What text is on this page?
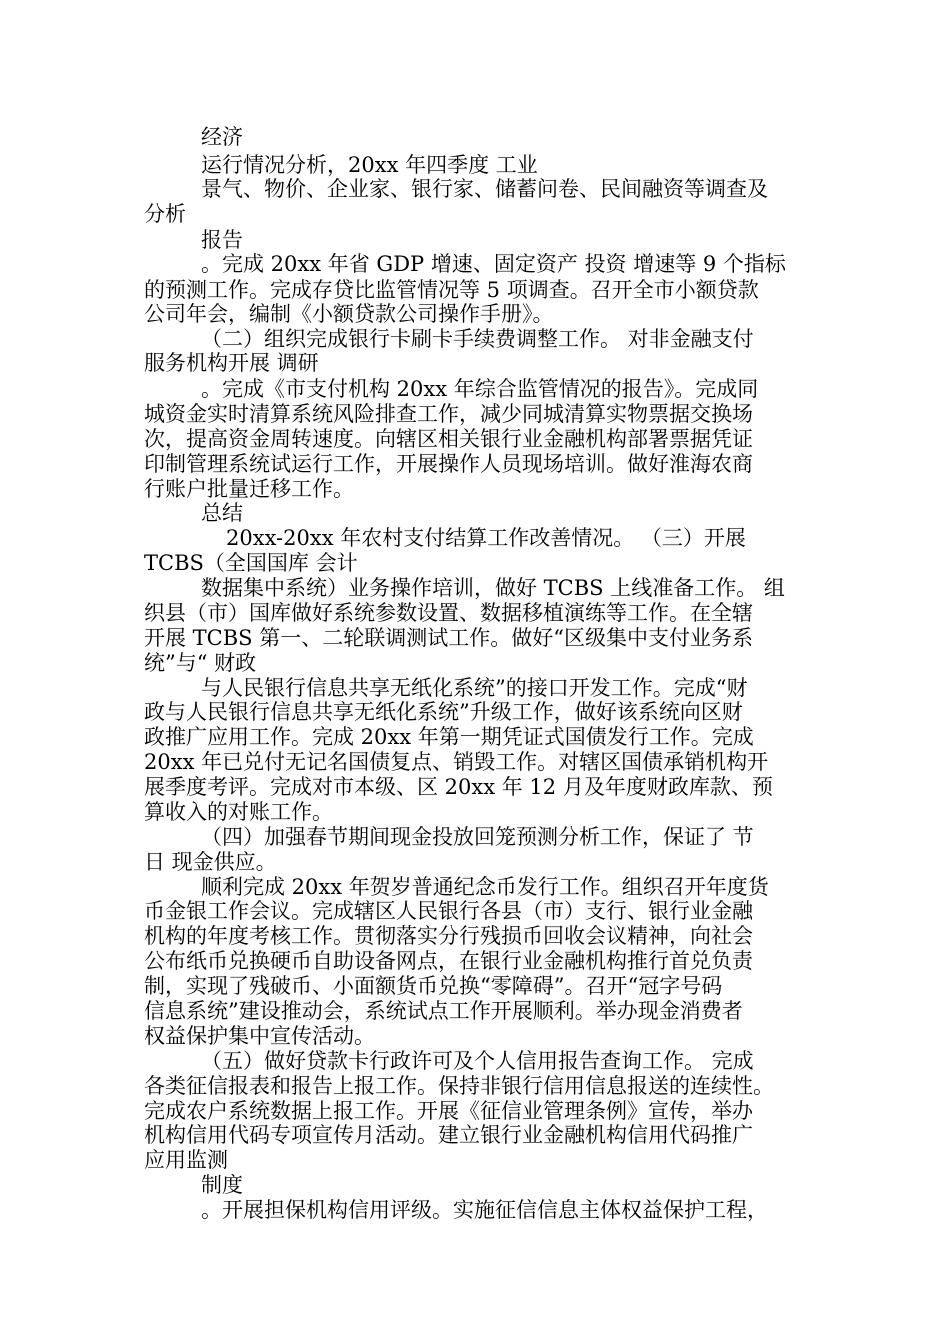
经济
运行情况分析，20xx 年四季度 工业
景气、物价、企业家、银行家、储蓄问卷、民间融资等调查及
分析
报告
。完成 20xx 年省 GDP 增速、固定资产 投资 增速等 9 个指标
的预测工作。完成存贷比监管情况等 5 项调查。召开全市小额贷款
公司年会，编制《小额贷款公司操作手册》。
（二）组织完成银行卡刷卡手续费调整工作。 对非金融支付
服务机构开展 调研
。完成《市支付机构 20xx 年综合监管情况的报告》。完成同
城资金实时清算系统风险排查工作，减少同城清算实物票据交换场
次，提高资金周转速度。向辖区相关银行业金融机构部署票据凭证
印制管理系统试运行工作，开展操作人员现场培训。做好淮海农商
行账户批量迁移工作。
总结
20xx-20xx 年农村支付结算工作改善情况。 （三）开展
TCBS（全国国库 会计
数据集中系统）业务操作培训，做好 TCBS 上线准备工作。 组
织县（市）国库做好系统参数设置、数据移植演练等工作。在全辖
开展 TCBS 第一、二轮联调测试工作。做好“区级集中支付业务系
统”与“ 财政
与人民银行信息共享无纸化系统”的接口开发工作。完成“财
政与人民银行信息共享无纸化系统”升级工作，做好该系统向区财
政推广应用工作。完成 20xx 年第一期凭证式国债发行工作。完成
20xx 年已兑付无记名国债复点、销毁工作。对辖区国债承销机构开
展季度考评。完成对市本级、区 20xx 年 12 月及年度财政库款、预
算收入的对账工作。
（四）加强春节期间现金投放回笼预测分析工作，保证了 节
日 现金供应。
顺利完成 20xx 年贺岁普通纪念币发行工作。组织召开年度货
币金银工作会议。完成辖区人民银行各县（市）支行、银行业金融
机构的年度考核工作。贯彻落实分行残损币回收会议精神，向社会
公布纸币兑换硬币自助设备网点，在银行业金融机构推行首兑负责
制，实现了残破币、小面额货币兑换“零障碍”。召开“冠字号码
信息系统”建设推动会，系统试点工作开展顺利。举办现金消费者
权益保护集中宣传活动。
（五）做好贷款卡行政许可及个人信用报告查询工作。 完成
各类征信报表和报告上报工作。保持非银行信用信息报送的连续性。
完成农户系统数据上报工作。开展《征信业管理条例》宣传，举办
机构信用代码专项宣传月活动。建立银行业金融机构信用代码推广
应用监测
制度
。开展担保机构信用评级。实施征信信息主体权益保护工程，
